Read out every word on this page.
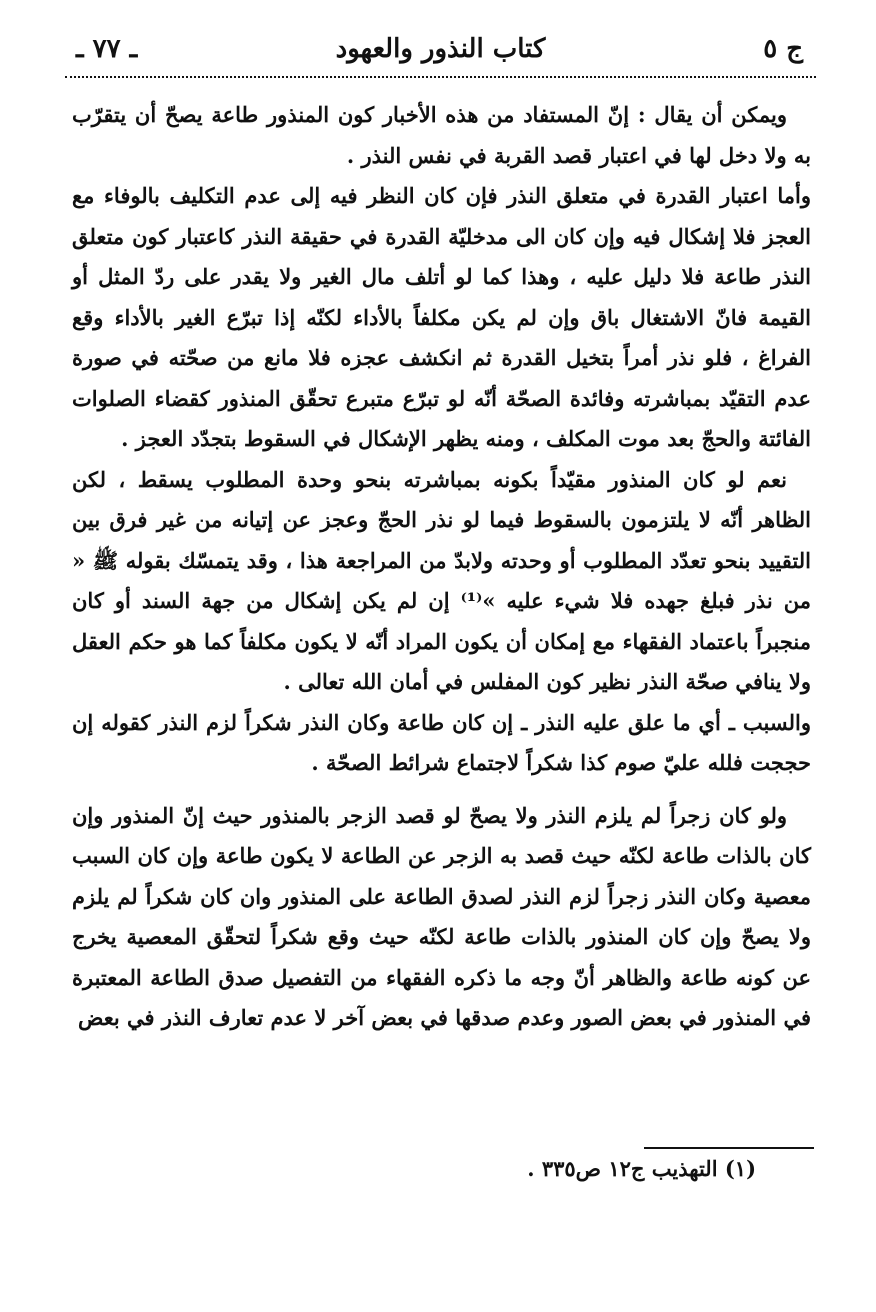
ج ٥
كتاب النذور والعهود
ـ ٧٧ ـ

ويمكن أن يقال : إنّ المستفاد من هذه الأخبار كون المنذور طاعة يصحّ أن يتقرّب به ولا دخل لها في اعتبار قصد القربة في نفس النذر .

وأما اعتبار القدرة في متعلق النذر فإن كان النظر فيه إلى عدم التكليف بالوفاء مع العجز فلا إشكال فيه وإن كان الى مدخليّة القدرة في حقيقة النذر كاعتبار كون متعلق النذر طاعة فلا دليل عليه ، وهذا كما لو أتلف مال الغير ولا يقدر على ردّ المثل أو القيمة فانّ الاشتغال باق وإن لم يكن مكلفاً بالأداء لكنّه إذا تبرّع الغير بالأداء وقع الفراغ ، فلو نذر أمراً بتخيل القدرة ثم انكشف عجزه فلا مانع من صحّته في صورة عدم التقيّد بمباشرته وفائدة الصحّة أنّه لو تبرّع متبرع تحقّق المنذور كقضاء الصلوات الفائتة والحجّ بعد موت المكلف ، ومنه يظهر الإشكال في السقوط بتجدّد العجز .

نعم لو كان المنذور مقيّداً بكونه بمباشرته بنحو وحدة المطلوب يسقط ، لكن الظاهر أنّه لا يلتزمون بالسقوط فيما لو نذر الحجّ وعجز عن إتيانه من غير فرق بين التقييد بنحو تعدّد المطلوب أو وحدته ولابدّ من المراجعة هذا ، وقد يتمسّك بقوله ﷺ « من نذر فبلغ جهده فلا شيء عليه »⁽¹⁾ إن لم يكن إشكال من جهة السند أو كان منجبراً باعتماد الفقهاء مع إمكان أن يكون المراد أنّه لا يكون مكلفاً كما هو حكم العقل ولا ينافي صحّة النذر نظير كون المفلس في أمان الله تعالى .

والسبب ـ أي ما علق عليه النذر ـ إن كان طاعة وكان النذر شكراً لزم النذر كقوله إن حججت فلله عليّ صوم كذا شكراً لاجتماع شرائط الصحّة .

ولو كان زجراً لم يلزم النذر ولا يصحّ لو قصد الزجر بالمنذور حيث إنّ المنذور وإن كان بالذات طاعة لكنّه حيث قصد به الزجر عن الطاعة لا يكون طاعة وإن كان السبب معصية وكان النذر زجراً لزم النذر لصدق الطاعة على المنذور وان كان شكراً لم يلزم ولا يصحّ وإن كان المنذور بالذات طاعة لكنّه حيث وقع شكراً لتحقّق المعصية يخرج عن كونه طاعة والظاهر أنّ وجه ما ذكره الفقهاء من التفصيل صدق الطاعة المعتبرة في المنذور في بعض الصور وعدم صدقها في بعض آخر لا عدم تعارف النذر في بعض

(١) التهذيب ج١٢ ص٣٣٥ .
